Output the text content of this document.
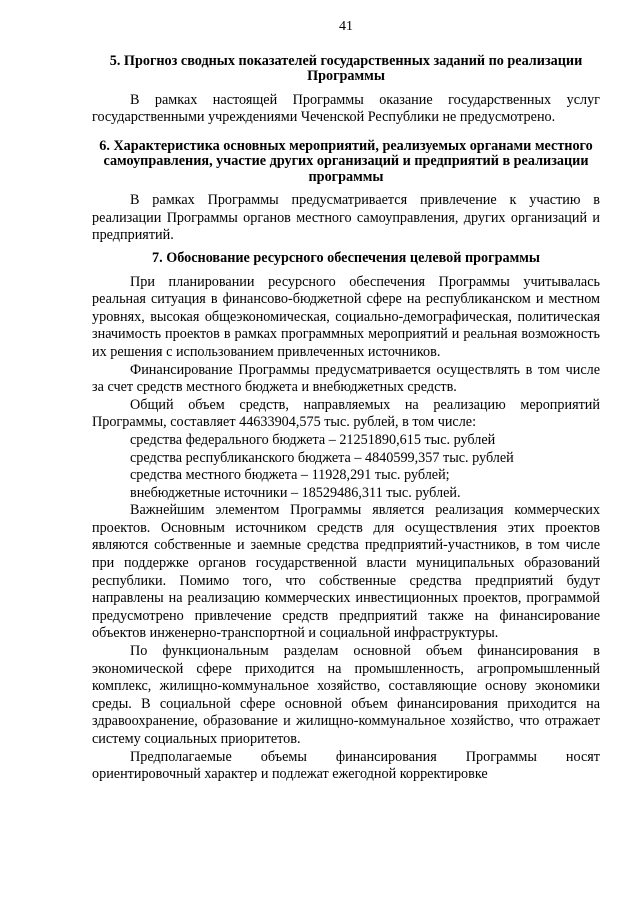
41
5. Прогноз сводных показателей государственных заданий по реализации Программы

В рамках настоящей Программы оказание государственных услуг государственными учреждениями Чеченской Республики не предусмотрено.

6. Характеристика основных мероприятий, реализуемых органами местного самоуправления, участие других организаций и предприятий в реализации программы

В рамках Программы предусматривается привлечение к участию в реализации Программы органов местного самоуправления, других организаций и предприятий.

7. Обоснование ресурсного обеспечения целевой программы

При планировании ресурсного обеспечения Программы учитывалась реальная ситуация в финансово-бюджетной сфере на республиканском и местном уровнях, высокая общеэкономическая, социально-демографическая, политическая значимость проектов в рамках программных мероприятий и реальная возможность их решения с использованием привлеченных источников.

Финансирование Программы предусматривается осуществлять в том числе за счет средств местного бюджета и внебюджетных средств.

Общий объем средств, направляемых на реализацию мероприятий Программы, составляет 44633904,575 тыс. рублей, в том числе:

средства федерального бюджета – 21251890,615 тыс. рублей
средства республиканского бюджета – 4840599,357 тыс. рублей
средства местного бюджета – 11928,291 тыс. рублей;
внебюджетные источники – 18529486,311 тыс. рублей.

Важнейшим элементом Программы является реализация коммерческих проектов. Основным источником средств для осуществления этих проектов являются собственные и заемные средства предприятий-участников, в том числе при поддержке органов государственной власти муниципальных образований республики. Помимо того, что собственные средства предприятий будут направлены на реализацию коммерческих инвестиционных проектов, программой предусмотрено привлечение средств предприятий также на финансирование объектов инженерно-транспортной и социальной инфраструктуры.

По функциональным разделам основной объем финансирования в экономической сфере приходится на промышленность, агропромышленный комплекс, жилищно-коммунальное хозяйство, составляющие основу экономики среды. В социальной сфере основной объем финансирования приходится на здравоохранение, образование и жилищно-коммунальное хозяйство, что отражает систему социальных приоритетов.

Предполагаемые объемы финансирования Программы носят ориентировочный характер и подлежат ежегодной корректировке
